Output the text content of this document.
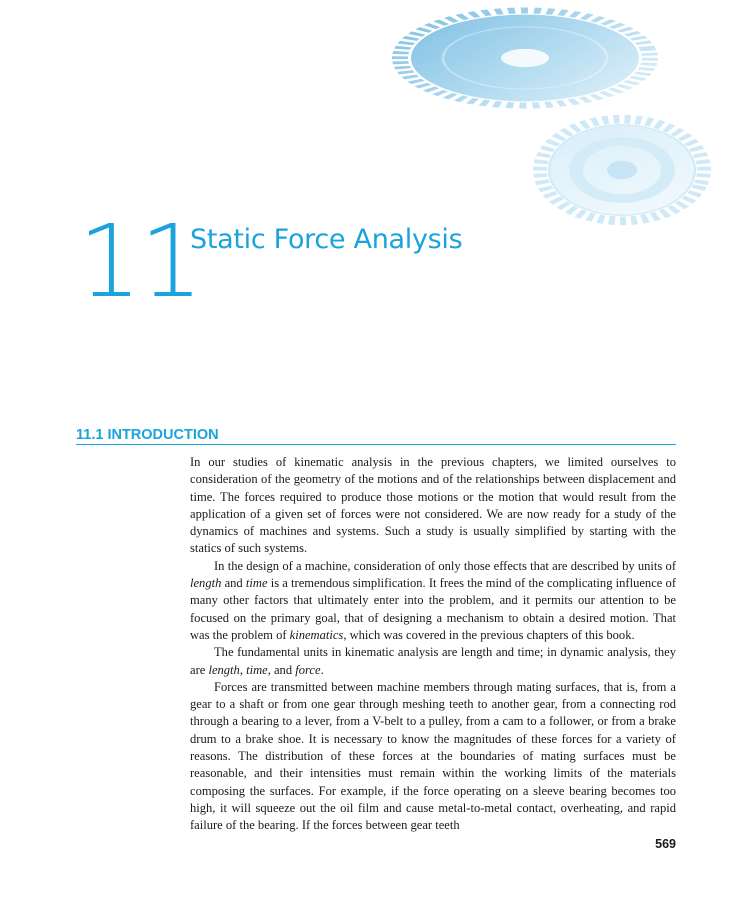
11
Static Force Analysis
11.1 INTRODUCTION

In our studies of kinematic analysis in the previous chapters, we limited ourselves to consideration of the geometry of the motions and of the relationships between displacement and time. The forces required to produce those motions or the motion that would result from the application of a given set of forces were not considered. We are now ready for a study of the dynamics of machines and systems. Such a study is usually simplified by starting with the statics of such systems.

In the design of a machine, consideration of only those effects that are described by units of length and time is a tremendous simplification. It frees the mind of the complicating influence of many other factors that ultimately enter into the problem, and it permits our attention to be focused on the primary goal, that of designing a mechanism to obtain a desired motion. That was the problem of kinematics, which was covered in the previous chapters of this book.

The fundamental units in kinematic analysis are length and time; in dynamic analysis, they are length, time, and force.

Forces are transmitted between machine members through mating surfaces, that is, from a gear to a shaft or from one gear through meshing teeth to another gear, from a connecting rod through a bearing to a lever, from a V-belt to a pulley, from a cam to a follower, or from a brake drum to a brake shoe. It is necessary to know the magnitudes of these forces for a variety of reasons. The distribution of these forces at the boundaries of mating surfaces must be reasonable, and their intensities must remain within the working limits of the materials composing the surfaces. For example, if the force operating on a sleeve bearing becomes too high, it will squeeze out the oil film and cause metal-to-metal contact, overheating, and rapid failure of the bearing. If the forces between gear teeth

569
